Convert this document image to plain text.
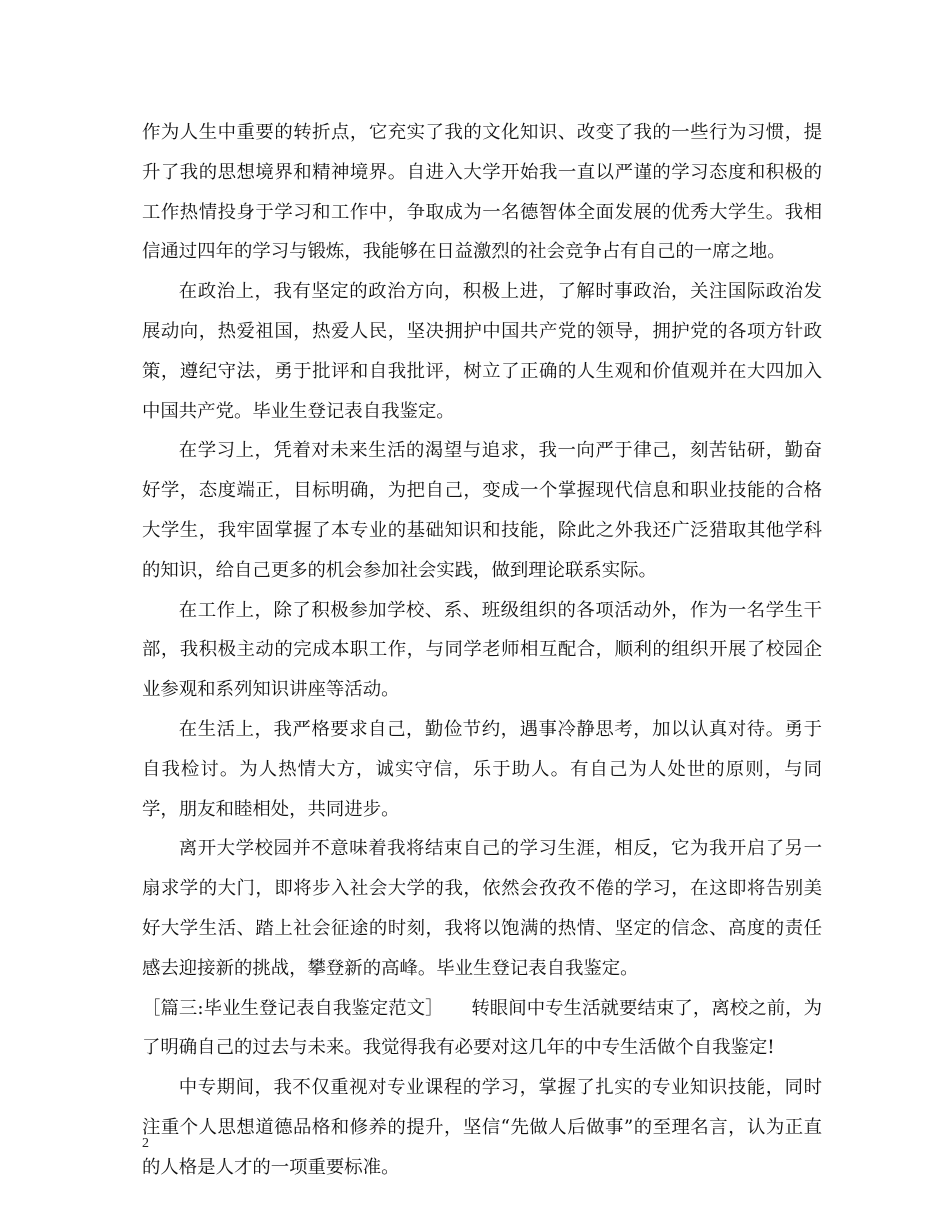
作为人生中重要的转折点，它充实了我的文化知识、改变了我的一些行为习惯，提升了我的思想境界和精神境界。自进入大学开始我一直以严谨的学习态度和积极的工作热情投身于学习和工作中，争取成为一名德智体全面发展的优秀大学生。我相信通过四年的学习与锻炼，我能够在日益激烈的社会竞争占有自己的一席之地。

在政治上，我有坚定的政治方向，积极上进，了解时事政治，关注国际政治发展动向，热爱祖国，热爱人民，坚决拥护中国共产党的领导，拥护党的各项方针政策，遵纪守法，勇于批评和自我批评，树立了正确的人生观和价值观并在大四加入中国共产党。毕业生登记表自我鉴定。

在学习上，凭着对未来生活的渴望与追求，我一向严于律己，刻苦钻研，勤奋好学，态度端正，目标明确，为把自己，变成一个掌握现代信息和职业技能的合格大学生，我牢固掌握了本专业的基础知识和技能，除此之外我还广泛猎取其他学科的知识，给自己更多的机会参加社会实践，做到理论联系实际。

在工作上，除了积极参加学校、系、班级组织的各项活动外，作为一名学生干部，我积极主动的完成本职工作，与同学老师相互配合，顺利的组织开展了校园企业参观和系列知识讲座等活动。

在生活上，我严格要求自己，勤俭节约，遇事冷静思考，加以认真对待。勇于自我检讨。为人热情大方，诚实守信，乐于助人。有自己为人处世的原则，与同学，朋友和睦相处，共同进步。

离开大学校园并不意味着我将结束自己的学习生涯，相反，它为我开启了另一扇求学的大门，即将步入社会大学的我，依然会孜孜不倦的学习，在这即将告别美好大学生活、踏上社会征途的时刻，我将以饱满的热情、坚定的信念、高度的责任感去迎接新的挑战，攀登新的高峰。毕业生登记表自我鉴定。

［篇三:毕业生登记表自我鉴定范文］　　转眼间中专生活就要结束了，离校之前，为了明确自己的过去与未来。我觉得我有必要对这几年的中专生活做个自我鉴定!

中专期间，我不仅重视对专业课程的学习，掌握了扎实的专业知识技能，同时注重个人思想道德品格和修养的提升，坚信“先做人后做事”的至理名言，认为正直的人格是人才的一项重要标准。

2
